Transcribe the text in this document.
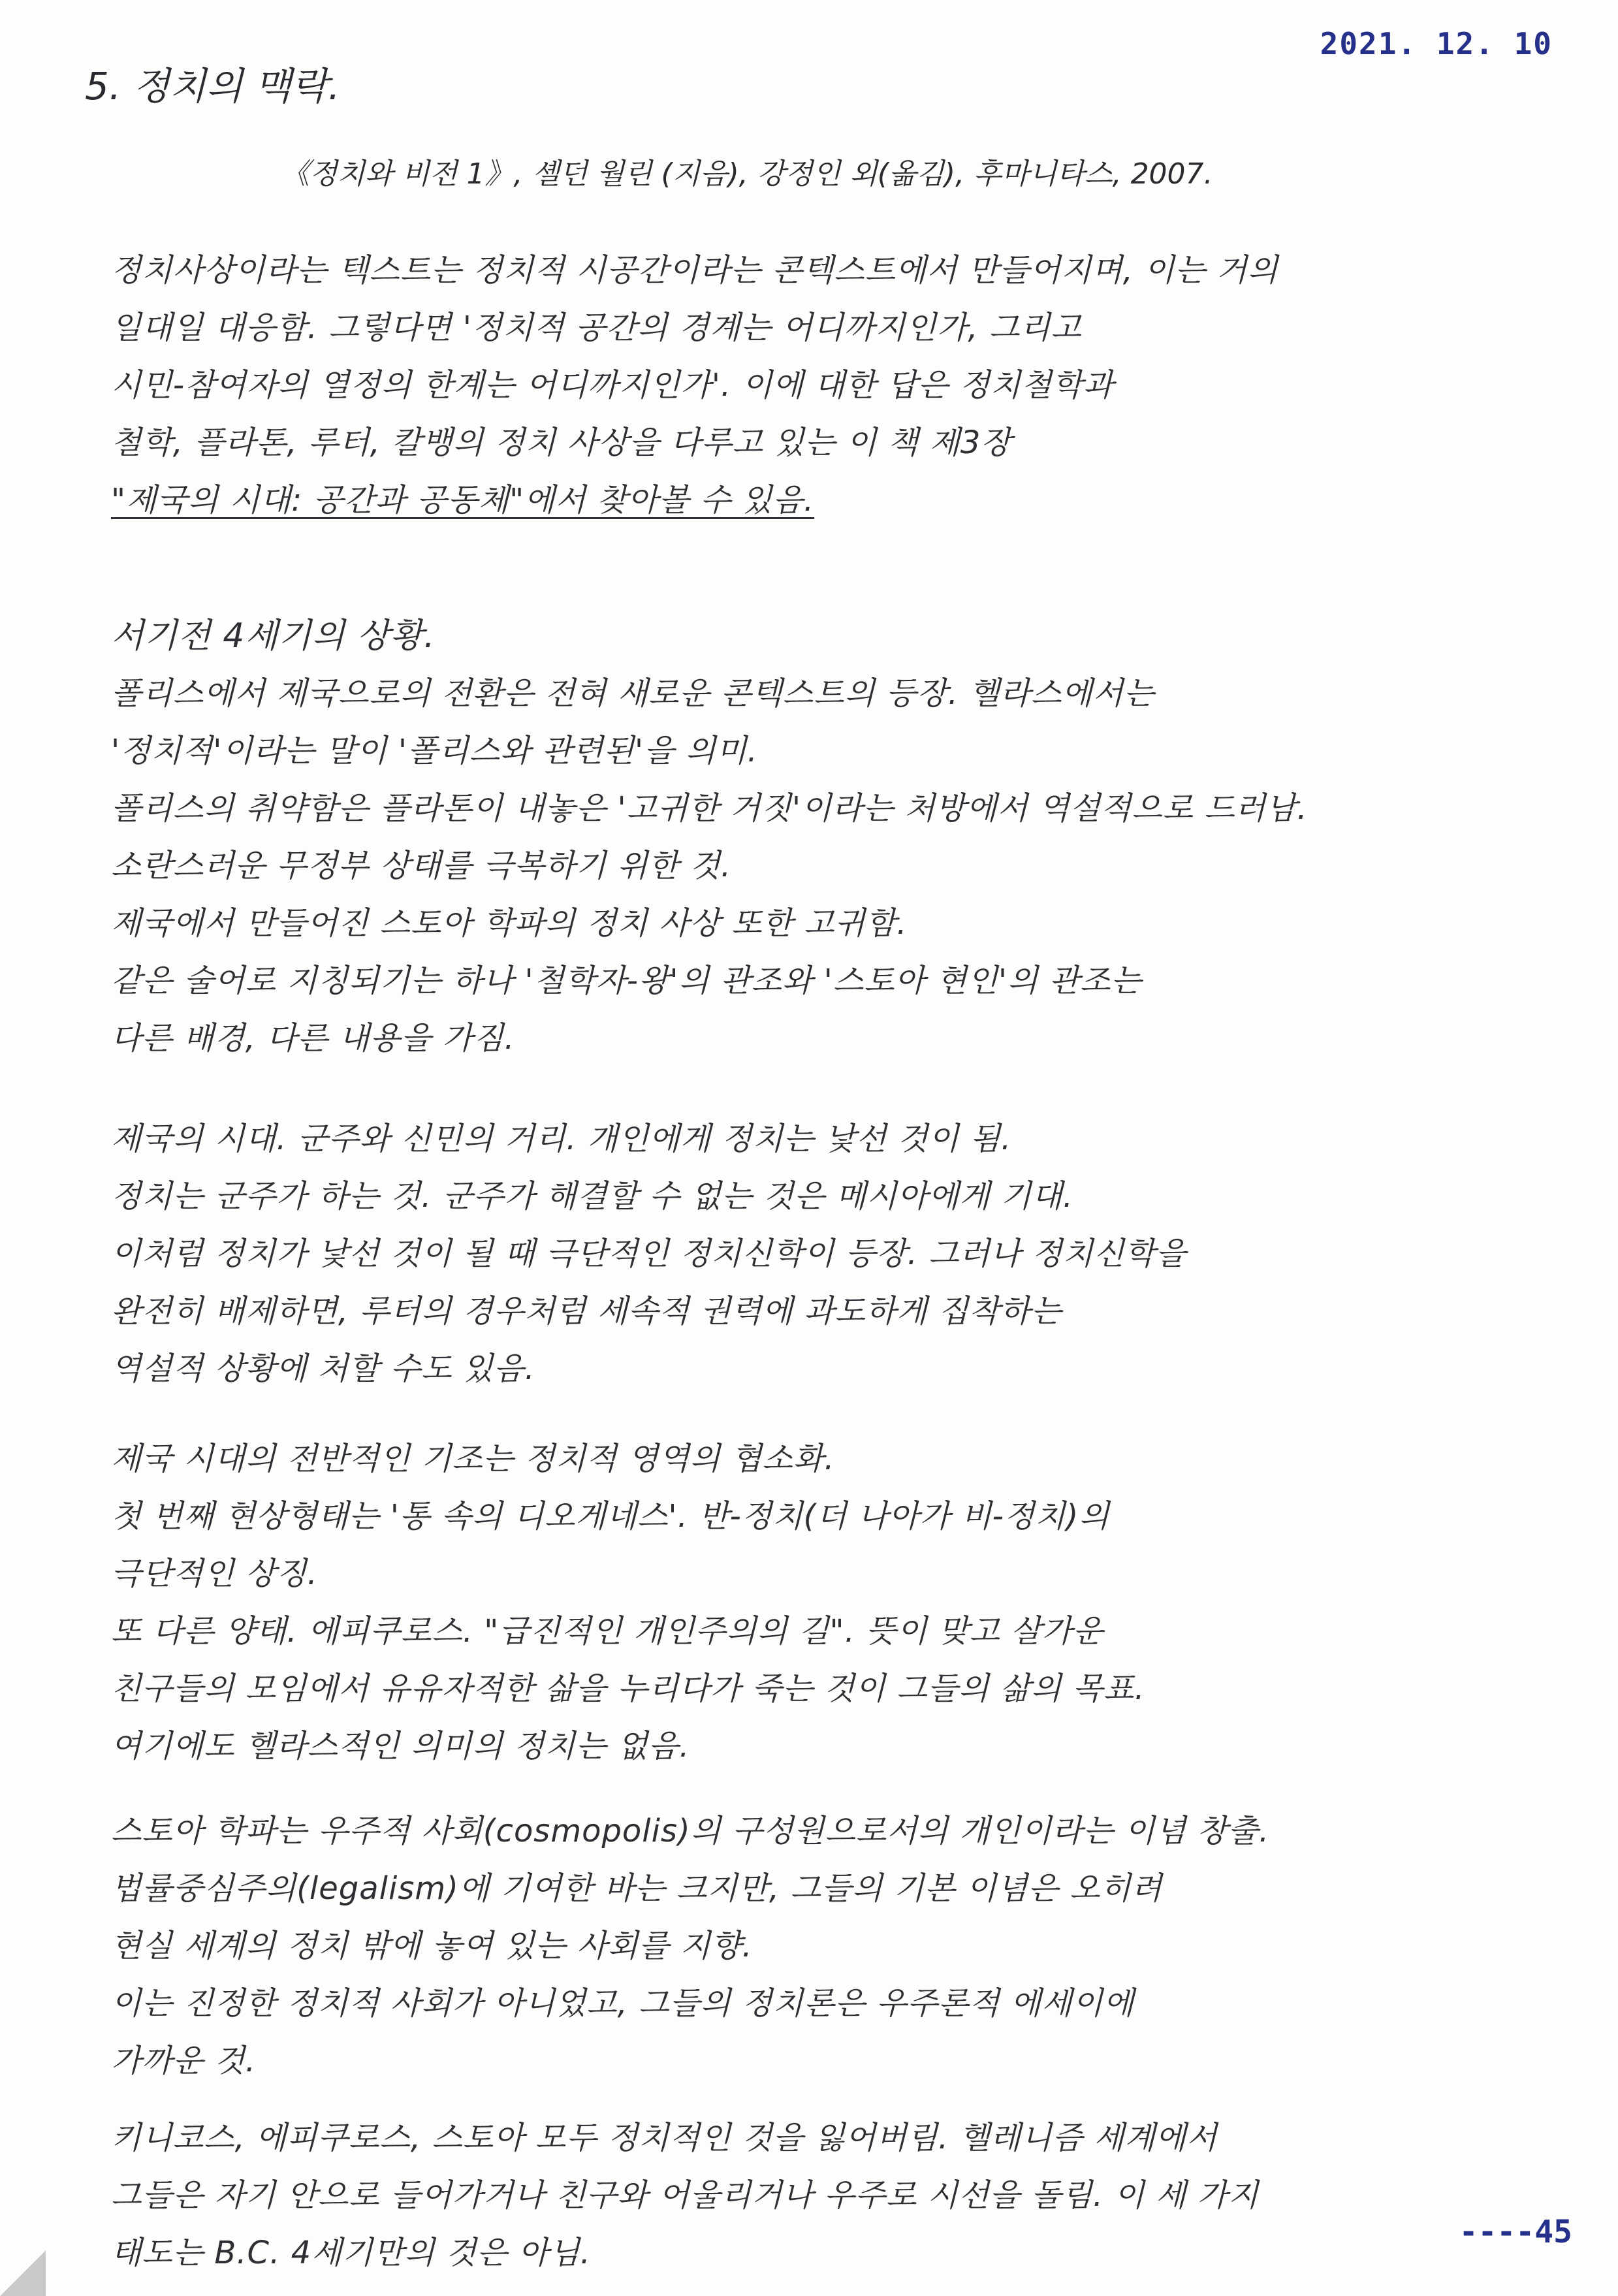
2021. 12. 10
5. 정치의 맥락.
《정치와 비전 1》, 셸던 월린 (지음), 강정인 외(옮김), 후마니타스, 2007.
정치사상이라는 텍스트는 정치적 시공간이라는 콘텍스트에서 만들어지며, 이는 거의
일대일 대응함. 그렇다면 '정치적 공간의 경계는 어디까지인가, 그리고
시민-참여자의 열정의 한계는 어디까지인가'. 이에 대한 답은 정치철학과
철학, 플라톤, 루터, 칼뱅의 정치 사상을 다루고 있는 이 책 제3장
"제국의 시대: 공간과 공동체"에서 찾아볼 수 있음.
서기전 4세기의 상황.
폴리스에서 제국으로의 전환은 전혀 새로운 콘텍스트의 등장. 헬라스에서는
'정치적'이라는 말이 '폴리스와 관련된'을 의미.
폴리스의 취약함은 플라톤이 내놓은 '고귀한 거짓'이라는 처방에서 역설적으로 드러남.
소란스러운 무정부 상태를 극복하기 위한 것.
제국에서 만들어진 스토아 학파의 정치 사상 또한 고귀함.
같은 술어로 지칭되기는 하나 '철학자-왕'의 관조와 '스토아 현인'의 관조는
다른 배경, 다른 내용을 가짐.
제국의 시대. 군주와 신민의 거리. 개인에게 정치는 낯선 것이 됨.
정치는 군주가 하는 것. 군주가 해결할 수 없는 것은 메시아에게 기대.
이처럼 정치가 낯선 것이 될 때 극단적인 정치신학이 등장. 그러나 정치신학을
완전히 배제하면, 루터의 경우처럼 세속적 권력에 과도하게 집착하는
역설적 상황에 처할 수도 있음.
제국 시대의 전반적인 기조는 정치적 영역의 협소화.
첫 번째 현상형태는 '통 속의 디오게네스'. 반-정치(더 나아가 비-정치)의
극단적인 상징.
또 다른 양태. 에피쿠로스. "급진적인 개인주의의 길". 뜻이 맞고 살가운
친구들의 모임에서 유유자적한 삶을 누리다가 죽는 것이 그들의 삶의 목표.
여기에도 헬라스적인 의미의 정치는 없음.
스토아 학파는 우주적 사회(cosmopolis)의 구성원으로서의 개인이라는 이념 창출.
법률중심주의(legalism)에 기여한 바는 크지만, 그들의 기본 이념은 오히려
현실 세계의 정치 밖에 놓여 있는 사회를 지향.
이는 진정한 정치적 사회가 아니었고, 그들의 정치론은 우주론적 에세이에
가까운 것.
키니코스, 에피쿠로스, 스토아 모두 정치적인 것을 잃어버림. 헬레니즘 세계에서
그들은 자기 안으로 들어가거나 친구와 어울리거나 우주로 시선을 돌림. 이 세 가지
태도는 B.C. 4세기만의 것은 아님.
----45
